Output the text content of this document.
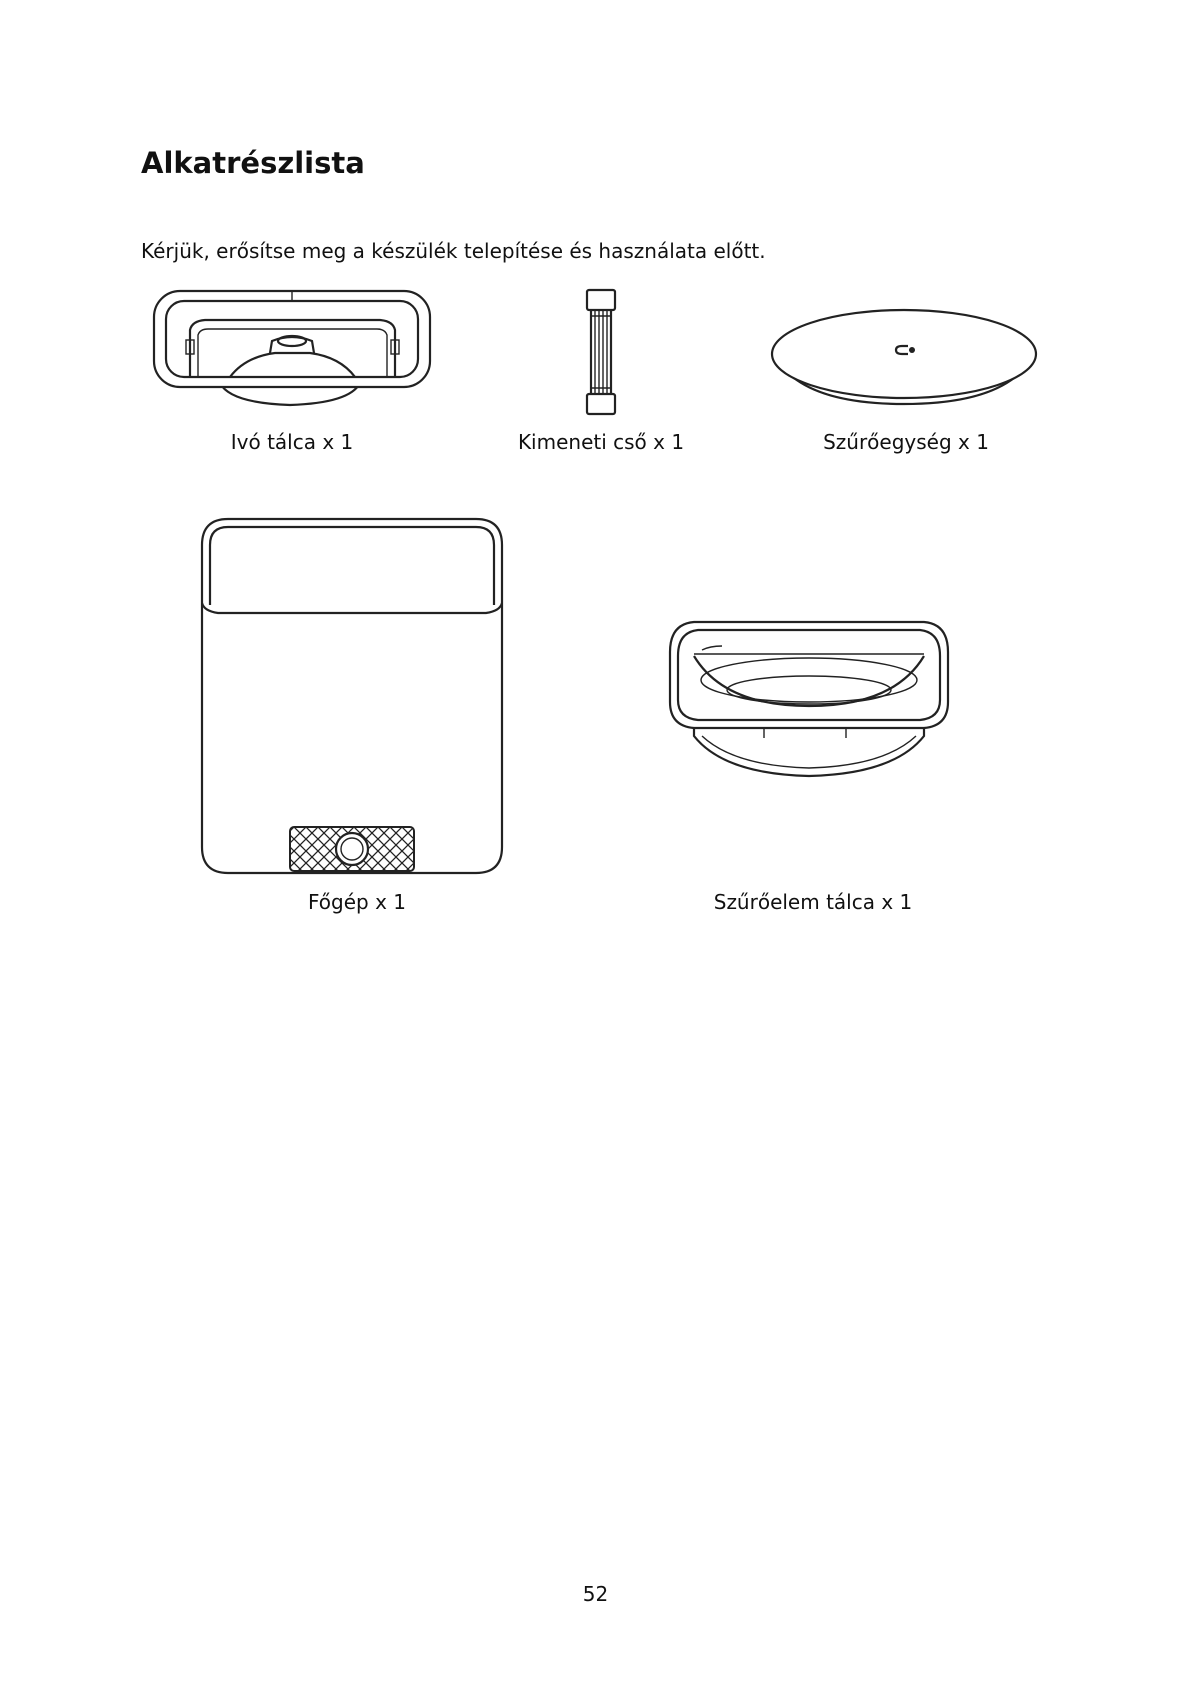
Alkatrészlista

Kérjük, erősítse meg a készülék telepítése és használata előtt.

Ivó tálca x 1	Kimeneti cső x 1	Szűrőegység x 1
Főgép x 1	Szűrőelem tálca x 1
52
